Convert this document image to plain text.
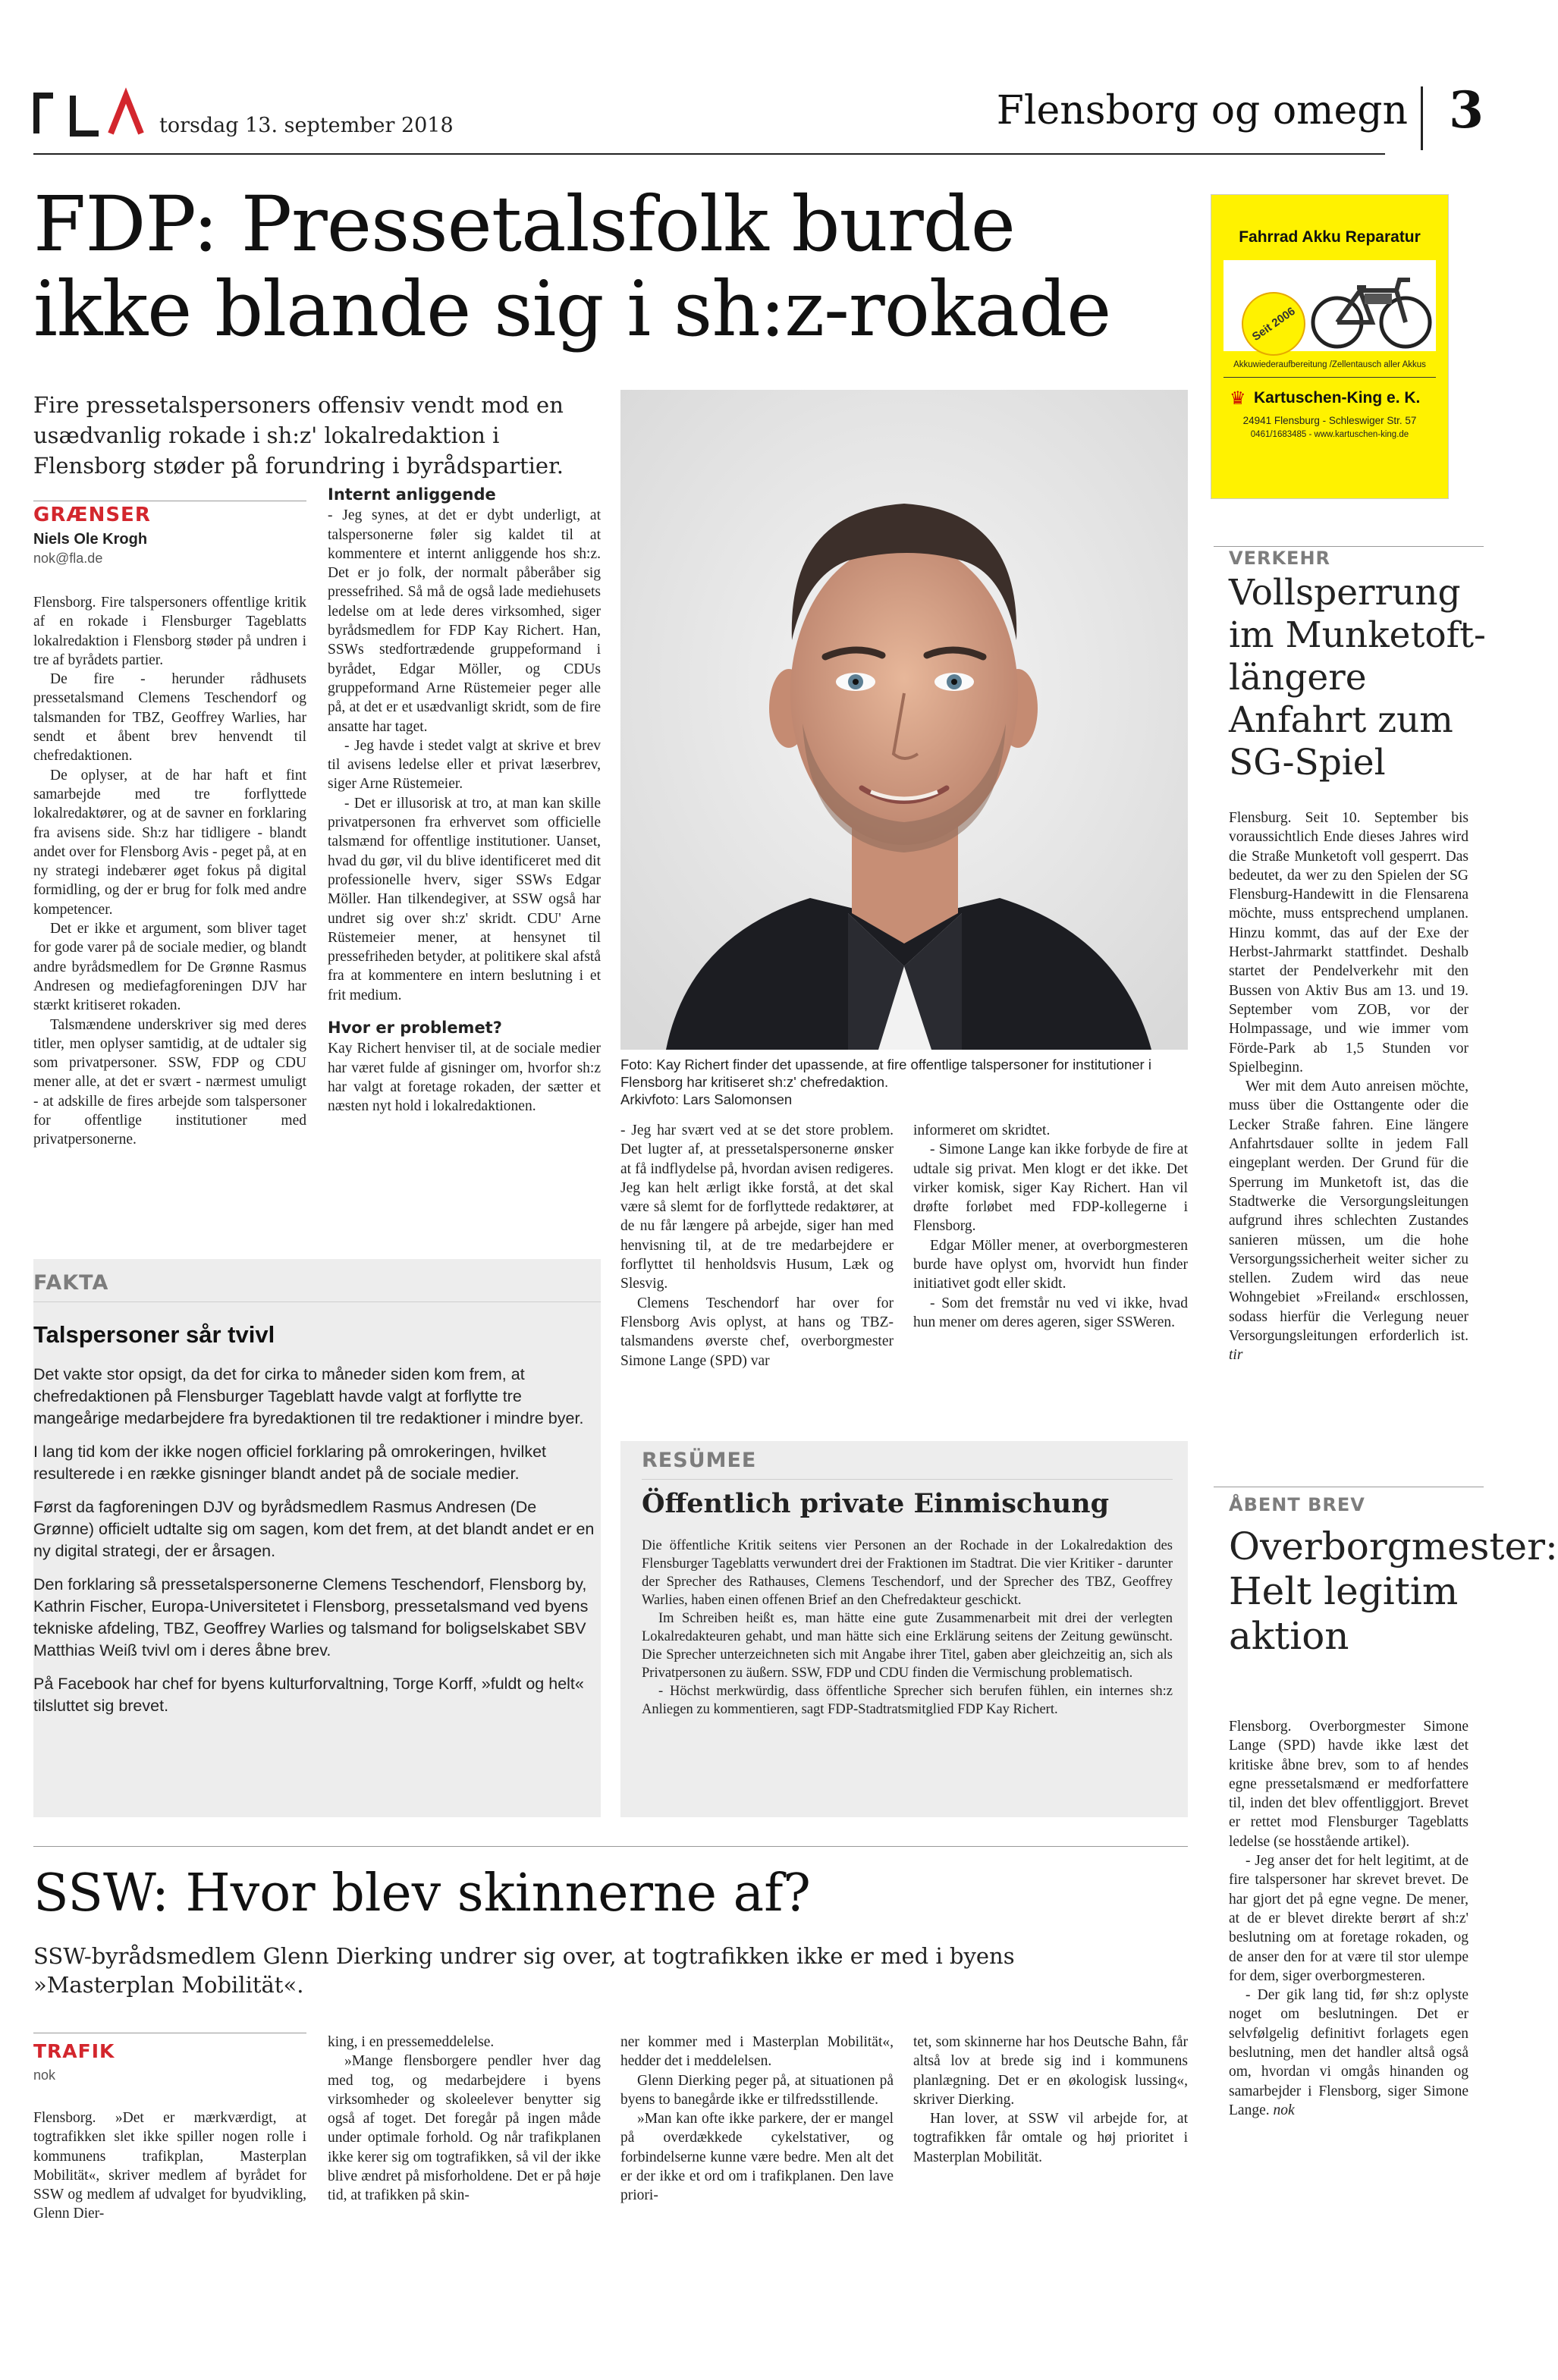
torsdag 13. september 2018	Flensborg og omegn 3
FDP: Pressetalsfolk burde
ikke blande sig i sh:z-rokade
Fire pressetalspersoners offensiv vendt mod en usædvanlig rokade i sh:z' lokalredaktion i Flensborg støder på forundring i byrådspartier.
GRÆNSER
Niels Ole Krogh
nok@fla.de

Flensborg. Fire talspersoners offentlige kritik af en rokade i Flensburger Tageblatts lokalredaktion i Flensborg støder på undren i tre af byrådets partier.

De fire - herunder rådhusets pressetalsmand Clemens Teschendorf og talsmanden for TBZ, Geoffrey Warlies, har sendt et åbent brev henvendt til chefredaktionen.

De oplyser, at de har haft et fint samarbejde med tre forflyttede lokalredaktører, og at de savner en forklaring fra avisens side. Sh:z har tidligere - blandt andet over for Flensborg Avis - peget på, at en ny strategi indebærer øget fokus på digital formidling, og der er brug for folk med andre kompetencer.

Det er ikke et argument, som bliver taget for gode varer på de sociale medier, og blandt andre byrådsmedlem for De Grønne Rasmus Andresen og mediefagforeningen DJV har stærkt kritiseret rokaden.

Talsmændene underskriver sig med deres titler, men oplyser samtidig, at de udtaler sig som privatpersoner. SSW, FDP og CDU mener alle, at det er svært - nærmest umuligt - at adskille de fires arbejde som talspersoner for offentlige institutioner med privatpersonerne.

Internt anliggende

- Jeg synes, at det er dybt underligt, at talspersonerne føler sig kaldet til at kommentere et internt anliggende hos sh:z. Det er jo folk, der normalt påberåber sig pressefrihed. Så må de også lade mediehusets ledelse om at lede deres virksomhed, siger byrådsmedlem for FDP Kay Richert. Han, SSWs stedfortrædende gruppeformand i byrådet, Edgar Möller, og CDUs gruppeformand Arne Rüstemeier peger alle på, at det er et usædvanligt skridt, som de fire ansatte har taget.

- Jeg havde i stedet valgt at skrive et brev til avisens ledelse eller et privat læserbrev, siger Arne Rüstemeier.

- Det er illusorisk at tro, at man kan skille privatpersonen fra erhvervet som officielle talsmænd for offentlige institutioner. Uanset, hvad du gør, vil du blive identificeret med dit professionelle hverv, siger SSWs Edgar Möller. Han tilkendegiver, at SSW også har undret sig over sh:z' skridt. CDU' Arne Rüstemeier mener, at hensynet til pressefriheden betyder, at politikere skal afstå fra at kommentere en intern beslutning i et frit medium.

Hvor er problemet?

Kay Richert henviser til, at de sociale medier har været fulde af gisninger om, hvorfor sh:z har valgt at foretage rokaden, der sætter et næsten nyt hold i lokalredaktionen.

Foto: Kay Richert finder det upassende, at fire offentlige talspersoner for institutioner i Flensborg har kritiseret sh:z' chefredaktion.
Arkivfoto: Lars Salomonsen

- Jeg har svært ved at se det store problem. Det lugter af, at pressetalspersonerne ønsker at få indflydelse på, hvordan avisen redigeres. Jeg kan helt ærligt ikke forstå, at det skal være så slemt for de forflyttede redaktører, at de nu får længere på arbejde, siger han med henvisning til, at de tre medarbejdere er forflyttet til henholdsvis Husum, Læk og Slesvig.

Clemens Teschendorf har over for Flensborg Avis oplyst, at hans og TBZ-talsmandens øverste chef, overborgmester Simone Lange (SPD) var

informeret om skridtet.

- Simone Lange kan ikke forbyde de fire at udtale sig privat. Men klogt er det ikke. Det virker komisk, siger Kay Richert. Han vil drøfte forløbet med FDP-kollegerne i Flensborg.

Edgar Möller mener, at overborgmesteren burde have oplyst om, hvorvidt hun finder initiativet godt eller skidt.

- Som det fremstår nu ved vi ikke, hvad hun mener om deres ageren, siger SSWeren.

FAKTA
Talspersoner sår tvivl

Det vakte stor opsigt, da det for cirka to måneder siden kom frem, at chefredaktionen på Flensburger Tageblatt havde valgt at forflytte tre mangeårige medarbejdere fra byredaktionen til tre redaktioner i mindre byer.

I lang tid kom der ikke nogen officiel forklaring på omrokeringen, hvilket resulterede i en række gisninger blandt andet på de sociale medier.

Først da fagforeningen DJV og byrådsmedlem Rasmus Andresen (De Grønne) officielt udtalte sig om sagen, kom det frem, at det blandt andet er en ny digital strategi, der er årsagen.

Den forklaring så pressetalspersonerne Clemens Teschendorf, Flensborg by, Kathrin Fischer, Europa-Universitetet i Flensborg, pressetalsmand ved byens tekniske afdeling, TBZ, Geoffrey Warlies og talsmand for boligselskabet SBV Matthias Weiß tvivl om i deres åbne brev.

På Facebook har chef for byens kulturforvaltning, Torge Korff, »fuldt og helt« tilsluttet sig brevet.

RESÜMEE
Öffentlich private Einmischung

Die öffentliche Kritik seitens vier Personen an der Rochade in der Lokalredaktion des Flensburger Tageblatts verwundert drei der Fraktionen im Stadtrat. Die vier Kritiker - darunter der Sprecher des Rathauses, Clemens Teschendorf, und der Sprecher des TBZ, Geoffrey Warlies, haben einen offenen Brief an den Chefredakteur geschickt.

Im Schreiben heißt es, man hätte eine gute Zusammenarbeit mit drei der verlegten Lokalredakteuren gehabt, und man hätte sich eine Erklärung seitens der Zeitung gewünscht. Die Sprecher unterzeichneten sich mit Angabe ihrer Titel, gaben aber gleichzeitig an, sich als Privatpersonen zu äußern. SSW, FDP und CDU finden die Vermischung problematisch.

- Höchst merkwürdig, dass öffentliche Sprecher sich berufen fühlen, ein internes sh:z Anliegen zu kommentieren, sagt FDP-Stadtratsmitglied FDP Kay Richert.

Fahrrad Akku Reparatur
Seit 2006
Akkuwiederaufbereitung /Zellentausch aller Akkus
♛ Kartuschen-King e. K.
24941 Flensburg - Schleswiger Str. 57
0461/1683485 - www.kartuschen-king.de
VERKEHR
Vollsperrung im Munketoft- längere Anfahrt zum SG-Spiel

Flensburg. Seit 10. September bis voraussichtlich Ende dieses Jahres wird die Straße Munketoft voll gesperrt. Das bedeutet, da wer zu den Spielen der SG Flensburg-Handewitt in die Flensarena möchte, muss entsprechend umplanen. Hinzu kommt, das auf der Exe der Herbst-Jahrmarkt stattfindet. Deshalb startet der Pendelverkehr mit den Bussen von Aktiv Bus am 13. und 19. September vom ZOB, vor der Holmpassage, und wie immer vom Förde-Park ab 1,5 Stunden vor Spielbeginn.

Wer mit dem Auto anreisen möchte, muss über die Osttangente oder die Lecker Straße fahren. Eine längere Anfahrtsdauer sollte in jedem Fall eingeplant werden. Der Grund für die Sperrung im Munketoft ist, das die Stadtwerke die Versorgungsleitungen aufgrund ihres schlechten Zustandes sanieren müssen, um die hohe Versorgungssicherheit weiter sicher zu stellen. Zudem wird das neue Wohngebiet »Freiland« erschlossen, sodass hierfür die Verlegung neuer Versorgungsleitungen erforderlich ist. tir

ÅBENT BREV
Overborgmester: Helt legitim aktion

Flensborg. Overborgmester Simone Lange (SPD) havde ikke læst det kritiske åbne brev, som to af hendes egne pressetalsmænd er medforfattere til, inden det blev offentliggjort. Brevet er rettet mod Flensburger Tageblatts ledelse (se hosstående artikel).

- Jeg anser det for helt legitimt, at de fire talspersoner har skrevet brevet. De har gjort det på egne vegne. De mener, at de er blevet direkte berørt af sh:z' beslutning om at foretage rokaden, og de anser den for at være til stor ulempe for dem, siger overborgmesteren.

- Der gik lang tid, før sh:z oplyste noget om beslutningen. Det er selvfølgelig definitivt forlagets egen beslutning, men det handler altså også om, hvordan vi omgås hinanden og samarbejder i Flensborg, siger Simone Lange. nok

SSW: Hvor blev skinnerne af?
SSW-byrådsmedlem Glenn Dierking undrer sig over, at togtrafikken ikke er med i byens »Masterplan Mobilität«.
TRAFIK
nok

Flensborg. »Det er mærkværdigt, at togtrafikken slet ikke spiller nogen rolle i kommunens trafikplan, Masterplan Mobilität«, skriver medlem af byrådet for SSW og medlem af udvalget for byudvikling, Glenn Dier-

king, i en pressemeddelelse.

»Mange flensborgere pendler hver dag med tog, og medarbejdere i byens virksomheder og skoleelever benytter sig også af toget. Det foregår på ingen måde under optimale forhold. Og når trafikplanen ikke kerer sig om togtrafikken, så vil der ikke blive ændret på misforholdene. Det er på høje tid, at trafikken på skin-

ner kommer med i Masterplan Mobilität«, hedder det i meddelelsen.

Glenn Dierking peger på, at situationen på byens to banegårde ikke er tilfredsstillende.

»Man kan ofte ikke parkere, der er mangel på overdækkede cykelstativer, og forbindelserne kunne være bedre. Men alt det er der ikke et ord om i trafikplanen. Den lave priori-

tet, som skinnerne har hos Deutsche Bahn, får altså lov at brede sig ind i kommunens planlægning. Det er en økologisk lussing«, skriver Dierking.

Han lover, at SSW vil arbejde for, at togtrafikken får omtale og høj prioritet i Masterplan Mobilität.
